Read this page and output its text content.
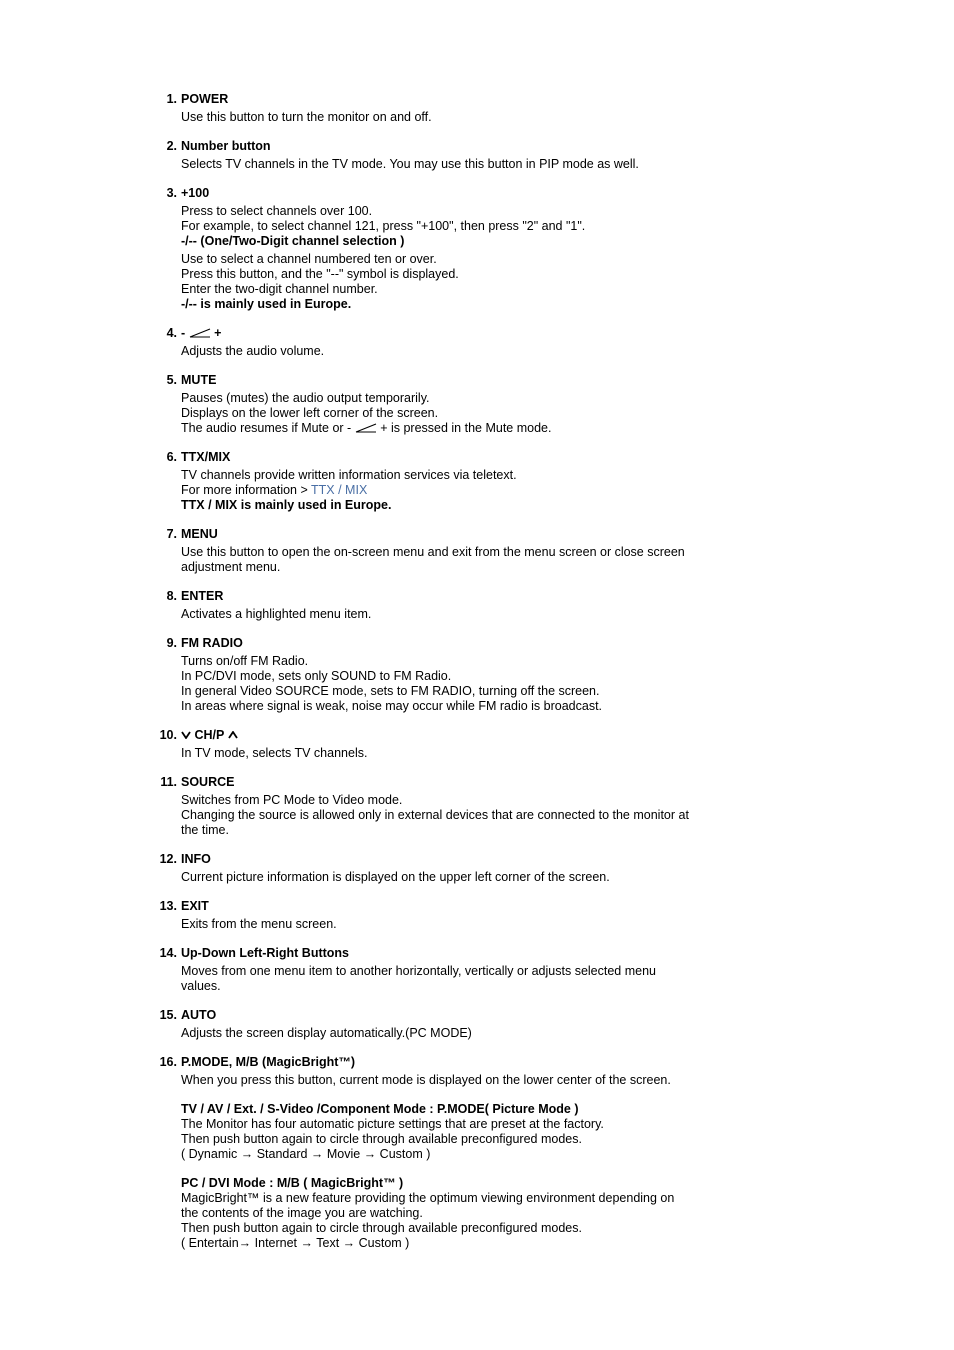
1. POWER
Use this button to turn the monitor on and off.
2. Number button
Selects TV channels in the TV mode. You may use this button in PIP mode as well.
3. +100
Press to select channels over 100.
For example, to select channel 121, press "+100", then press "2" and "1".
-/-- (One/Two-Digit channel selection )
Use to select a channel numbered ten or over.
Press this button, and the "--" symbol is displayed.
Enter the two-digit channel number.
-/-- is mainly used in Europe.
4. - +
Adjusts the audio volume.
5. MUTE
Pauses (mutes) the audio output temporarily.
Displays on the lower left corner of the screen.
The audio resumes if Mute or - + is pressed in the Mute mode.
6. TTX/MIX
TV channels provide written information services via teletext.
For more information > TTX / MIX
TTX / MIX is mainly used in Europe.
7. MENU
Use this button to open the on-screen menu and exit from the menu screen or close screen
adjustment menu.
8. ENTER
Activates a highlighted menu item.
9. FM RADIO
Turns on/off FM Radio.
In PC/DVI mode, sets only SOUND to FM Radio.
In general Video SOURCE mode, sets to FM RADIO, turning off the screen.
In areas where signal is weak, noise may occur while FM radio is broadcast.
10.	CH/P
In TV mode, selects TV channels.
11. SOURCE
Switches from PC Mode to Video mode.
Changing the source is allowed only in external devices that are connected to the monitor at
the time.
12. INFO
Current picture information is displayed on the upper left corner of the screen.
13. EXIT
Exits from the menu screen.
14. Up-Down Left-Right Buttons
Moves from one menu item to another horizontally, vertically or adjusts selected menu
values.
15. AUTO
Adjusts the screen display automatically.(PC MODE)
16. P.MODE, M/B (MagicBright™)
When you press this button, current mode is displayed on the lower center of the screen.
TV / AV / Ext. / S-Video /Component Mode : P.MODE( Picture Mode )
The Monitor has four automatic picture settings that are preset at the factory.
Then push button again to circle through available preconfigured modes.
( Dynamic → Standard → Movie → Custom )
PC / DVI Mode : M/B ( MagicBright™ )
MagicBright™ is a new feature providing the optimum viewing environment depending on
the contents of the image you are watching.
Then push button again to circle through available preconfigured modes.
( Entertain→ Internet → Text → Custom )
